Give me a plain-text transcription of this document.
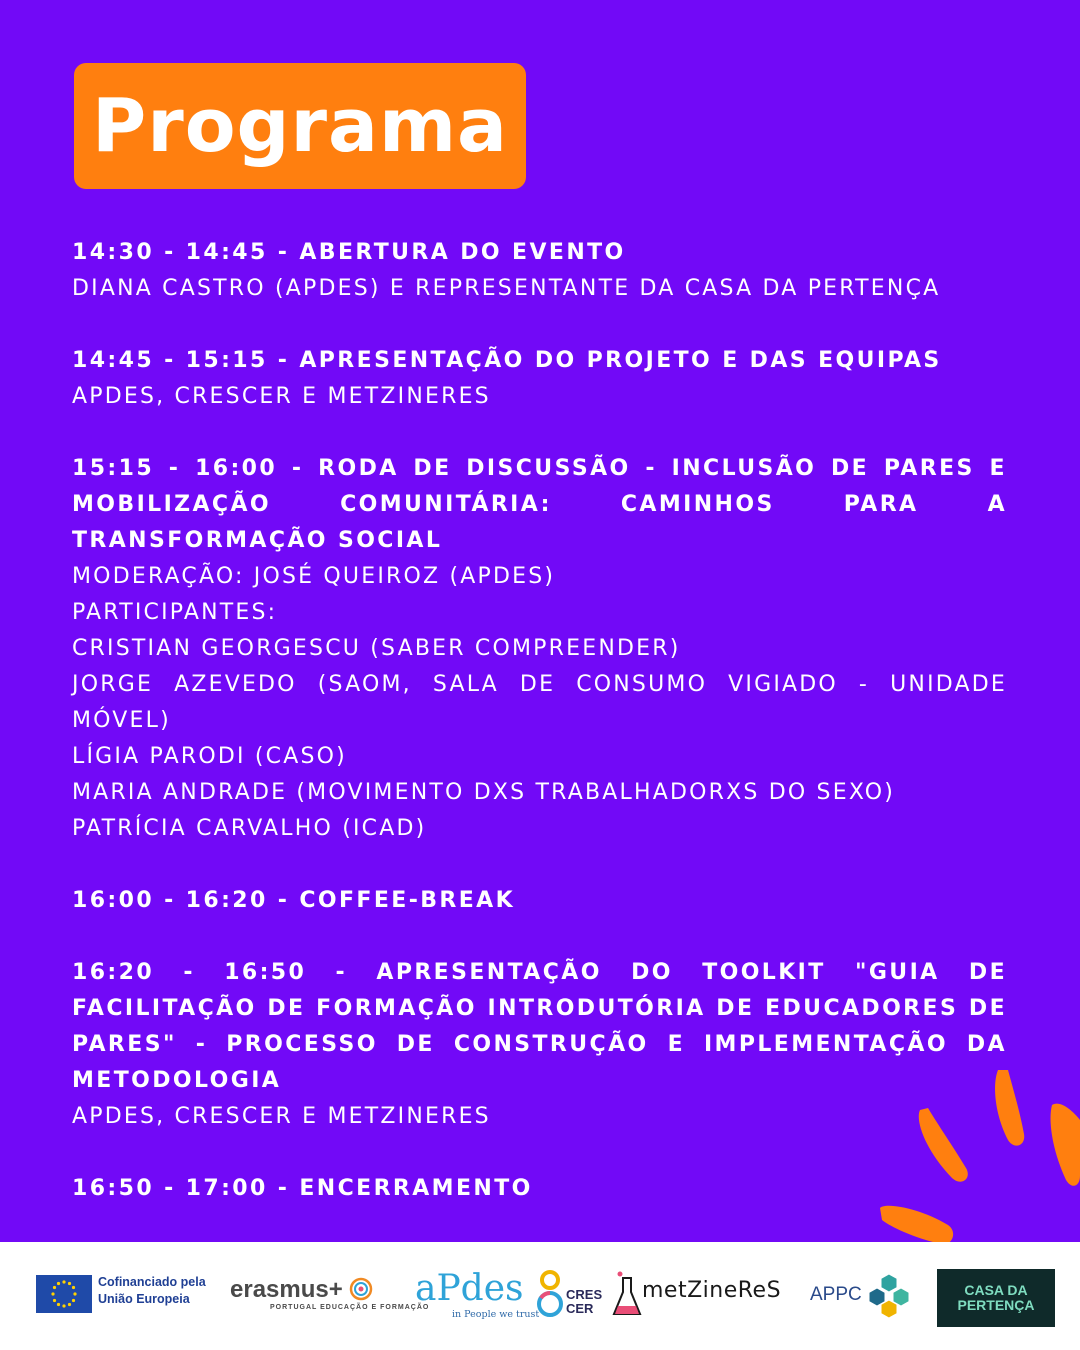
Programa
14:30 - 14:45 - ABERTURA DO EVENTO
DIANA CASTRO (APDES) E REPRESENTANTE DA CASA DA PERTENÇA
14:45 - 15:15 - APRESENTAÇÃO DO PROJETO E DAS EQUIPAS
APDES, CRESCER E METZINERES
15:15 - 16:00 - RODA DE DISCUSSÃO - INCLUSÃO DE PARES E MOBILIZAÇÃO COMUNITÁRIA: CAMINHOS PARA A TRANSFORMAÇÃO SOCIAL
MODERAÇÃO: JOSÉ QUEIROZ (APDES)
PARTICIPANTES:
CRISTIAN GEORGESCU (SABER COMPREENDER)
JORGE AZEVEDO (SAOM, SALA DE CONSUMO VIGIADO - UNIDADE MÓVEL)
LÍGIA PARODI (CASO)
MARIA ANDRADE (MOVIMENTO DXS TRABALHADORXS DO SEXO)
PATRÍCIA CARVALHO (ICAD)
16:00 - 16:20 - COFFEE-BREAK
16:20 - 16:50 - APRESENTAÇÃO DO TOOLKIT "GUIA DE FACILITAÇÃO DE FORMAÇÃO INTRODUTÓRIA DE EDUCADORES DE PARES" - PROCESSO DE CONSTRUÇÃO E IMPLEMENTAÇÃO DA METODOLOGIA
APDES, CRESCER E METZINERES
16:50 - 17:00 - ENCERRAMENTO
Cofinanciado pela
União Europeia	erasmus+
PORTUGAL EDUCAÇÃO E FORMAÇÃO
aPdes
in People we trust
CRES
CER
metZineReS APPC	CASA DA
PERTENÇA
